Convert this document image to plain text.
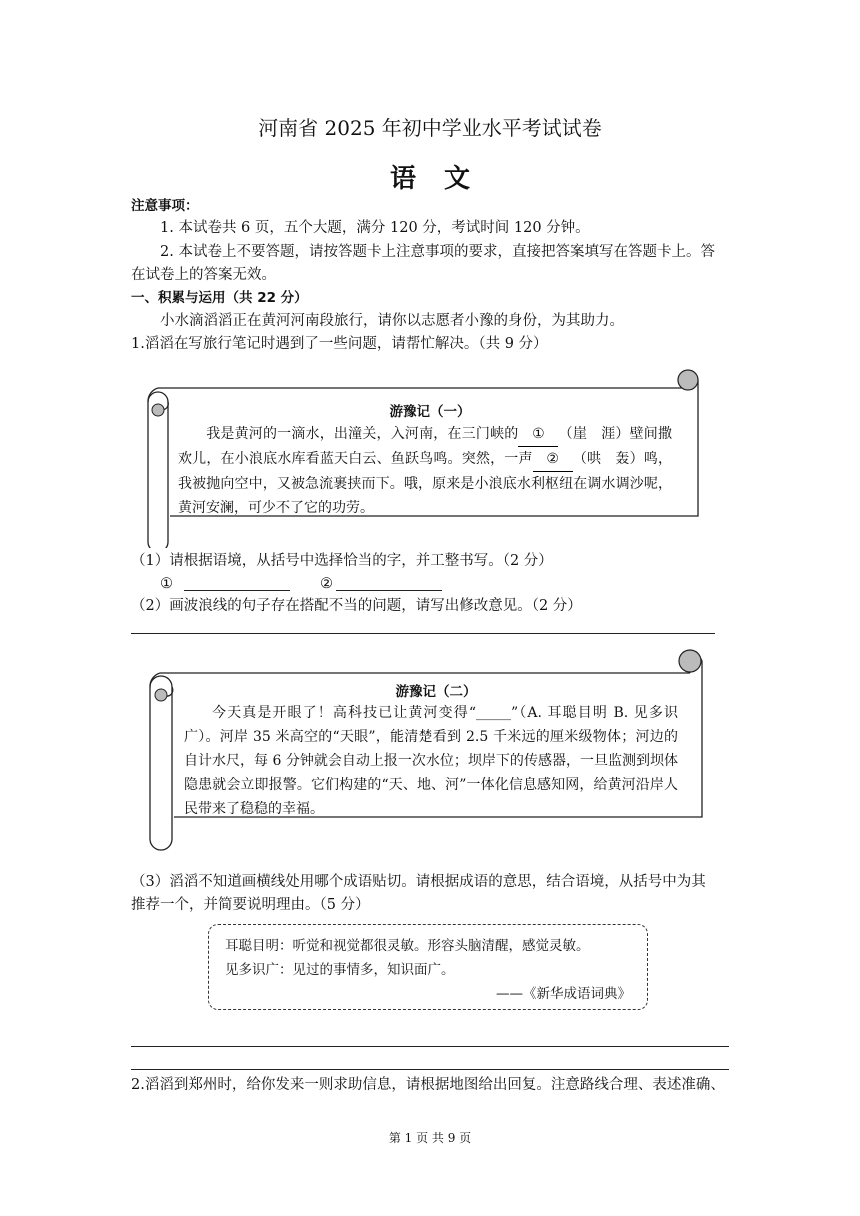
河南省 2025 年初中学业水平考试试卷
语文
注意事项：
1. 本试卷共 6 页，五个大题，满分 120 分，考试时间 120 分钟。
2. 本试卷上不要答题，请按答题卡上注意事项的要求，直接把答案填写在答题卡上。答
在试卷上的答案无效。
一、积累与运用（共 22 分）
小水滴滔滔正在黄河河南段旅行，请你以志愿者小豫的身份，为其助力。
1.滔滔在写旅行笔记时遇到了一些问题，请帮忙解决。（共 9 分）
游豫记（一）
我是黄河的一滴水，出潼关，入河南，在三门峡的 ① （崖　涯）壁间撒欢儿，在小浪底水库看蓝天白云、鱼跃鸟鸣。突然，一声 ② （哄　轰）鸣，我被抛向空中，又被急流裹挟而下。哦，原来是小浪底水利枢纽在调水调沙呢，黄河安澜，可少不了它的功劳。
（1）请根据语境，从括号中选择恰当的字，并工整书写。（2 分）
①	②
（2）画波浪线的句子存在搭配不当的问题，请写出修改意见。（2 分）
游豫记（二）
今天真是开眼了！高科技已让黄河变得“_____”（A. 耳聪目明 B. 见多识广）。河岸 35 米高空的“天眼”，能清楚看到 2.5 千米远的厘米级物体；河边的自计水尺，每 6 分钟就会自动上报一次水位；坝岸下的传感器，一旦监测到坝体隐患就会立即报警。它们构建的“天、地、河”一体化信息感知网，给黄河沿岸人民带来了稳稳的幸福。
（3）滔滔不知道画横线处用哪个成语贴切。请根据成语的意思，结合语境，从括号中为其
推荐一个，并简要说明理由。（5 分）
耳聪目明：听觉和视觉都很灵敏。形容头脑清醒，感觉灵敏。
见多识广：见过的事情多，知识面广。
——《新华成语词典》
2.滔滔到郑州时，给你发来一则求助信息，请根据地图给出回复。注意路线合理、表述准确、
第 1 页 共 9 页
